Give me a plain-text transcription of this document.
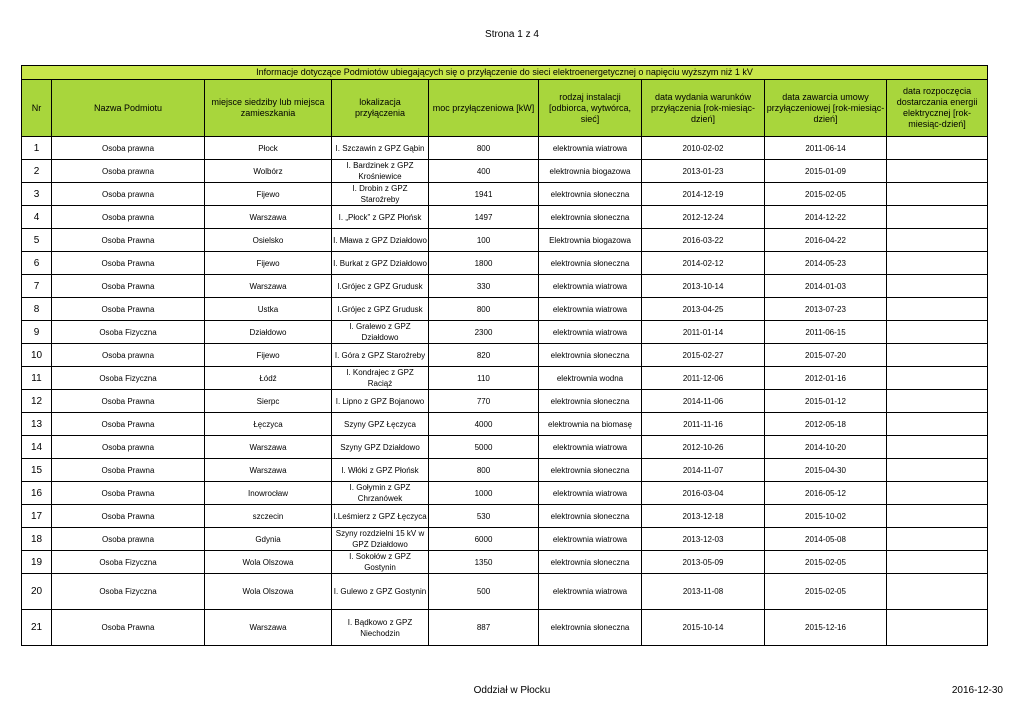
Strona 1 z 4
Informacje dotyczące Podmiotów ubiegających się o przyłączenie do sieci elektroenergetycznej o napięciu wyższym niż 1 kV								
Nr	Nazwa Podmiotu	miejsce siedziby lub miejsca zamieszkania	lokalizacja przyłączenia	moc przyłączeniowa [kW]	rodzaj instalacji [odbiorca, wytwórca, sieć]	data wydania warunków przyłączenia [rok-miesiąc-dzień]	data zawarcia umowy przyłączeniowej [rok-miesiąc-dzień]	data rozpoczęcia dostarczania energii elektrycznej [rok-miesiąc-dzień]
1	Osoba prawna	Płock	I. Szczawin z GPZ Gąbin	800	elektrownia wiatrowa	2010-02-02	2011-06-14	
2	Osoba prawna	Wolbórz	I. Bardzinek z GPZ Krośniewice	400	elektrownia biogazowa	2013-01-23	2015-01-09	
3	Osoba prawna	Fijewo	I. Drobin z GPZ Staroźreby	1941	elektrownia słoneczna	2014-12-19	2015-02-05	
4	Osoba prawna	Warszawa	I. „Płock” z GPZ Płońsk	1497	elektrownia słoneczna	2012-12-24	2014-12-22	
5	Osoba Prawna	Osielsko	I. Mława z GPZ Działdowo	100	Elektrownia biogazowa	2016-03-22	2016-04-22	
6	Osoba Prawna	Fijewo	I. Burkat z GPZ Działdowo	1800	elektrownia słoneczna	2014-02-12	2014-05-23	
7	Osoba Prawna	Warszawa	I.Grójec z GPZ Grudusk	330	elektrownia wiatrowa	2013-10-14	2014-01-03	
8	Osoba Prawna	Ustka	I.Grójec z GPZ Grudusk	800	elektrownia wiatrowa	2013-04-25	2013-07-23	
9	Osoba Fizyczna	Działdowo	I. Gralewo z GPZ Działdowo	2300	elektrownia wiatrowa	2011-01-14	2011-06-15	
10	Osoba prawna	Fijewo	I. Góra z GPZ Staroźreby	820	elektrownia słoneczna	2015-02-27	2015-07-20	
11	Osoba Fizyczna	Łódź	I. Kondrajec z GPZ Raciąż	110	elektrownia wodna	2011-12-06	2012-01-16	
12	Osoba Prawna	Sierpc	I. Lipno z GPZ Bojanowo	770	elektrownia słoneczna	2014-11-06	2015-01-12	
13	Osoba Prawna	Łęczyca	Szyny GPZ Łęczyca	4000	elektrownia na biomasę	2011-11-16	2012-05-18	
14	Osoba prawna	Warszawa	Szyny GPZ Działdowo	5000	elektrownia wiatrowa	2012-10-26	2014-10-20	
15	Osoba Prawna	Warszawa	I. Włóki z GPZ Płońsk	800	elektrownia słoneczna	2014-11-07	2015-04-30	
16	Osoba Prawna	Inowrocław	I. Gołymin z GPZ Chrzanówek	1000	elektrownia wiatrowa	2016-03-04	2016-05-12	
17	Osoba Prawna	szczecin	I.Leśmierz z GPZ Łęczyca	530	elektrownia słoneczna	2013-12-18	2015-10-02	
18	Osoba prawna	Gdynia	Szyny rozdzielni 15 kV w GPZ Działdowo	6000	elektrownia wiatrowa	2013-12-03	2014-05-08	
19	Osoba Fizyczna	Wola Olszowa	I. Sokołów z GPZ Gostynin	1350	elektrownia słoneczna	2013-05-09	2015-02-05	
20	Osoba Fizyczna	Wola Olszowa	I. Gulewo z GPZ Gostynin	500	elektrownia wiatrowa	2013-11-08	2015-02-05	
21	Osoba Prawna	Warszawa	I. Bądkowo z GPZ Niechodzin	887	elektrownia słoneczna	2015-10-14	2015-12-16	
Oddział w Płocku	2016-12-30
